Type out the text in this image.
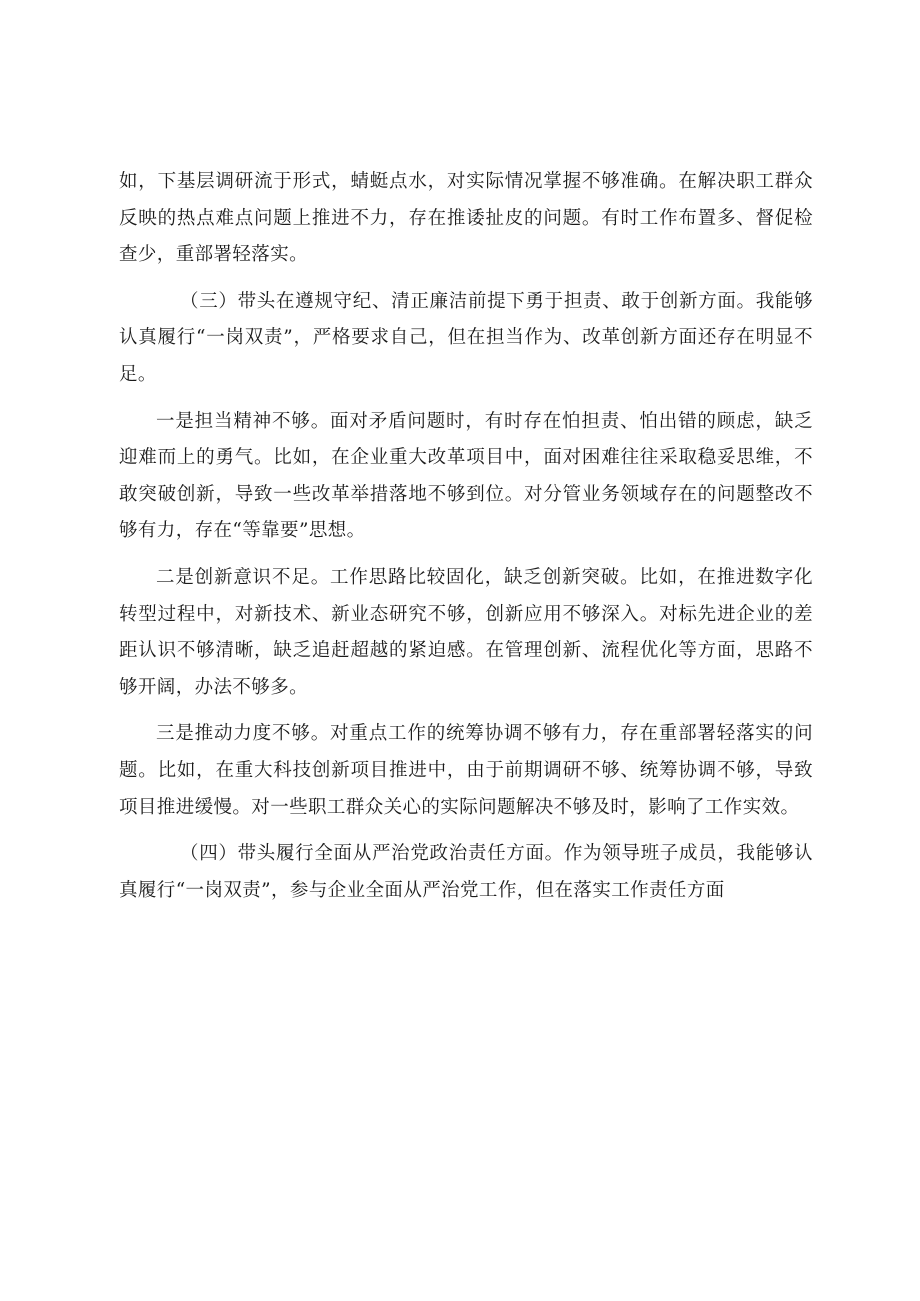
如，下基层调研流于形式，蜻蜓点水，对实际情况掌握不够准确。在解决职工群众反映的热点难点问题上推进不力，存在推诿扯皮的问题。有时工作布置多、督促检查少，重部署轻落实。

（三）带头在遵规守纪、清正廉洁前提下勇于担责、敢于创新方面。我能够认真履行“一岗双责”，严格要求自己，但在担当作为、改革创新方面还存在明显不足。

一是担当精神不够。面对矛盾问题时，有时存在怕担责、怕出错的顾虑，缺乏迎难而上的勇气。比如，在企业重大改革项目中，面对困难往往采取稳妥思维，不敢突破创新，导致一些改革举措落地不够到位。对分管业务领域存在的问题整改不够有力，存在“等靠要”思想。

二是创新意识不足。工作思路比较固化，缺乏创新突破。比如，在推进数字化转型过程中，对新技术、新业态研究不够，创新应用不够深入。对标先进企业的差距认识不够清晰，缺乏追赶超越的紧迫感。在管理创新、流程优化等方面，思路不够开阔，办法不够多。

三是推动力度不够。对重点工作的统筹协调不够有力，存在重部署轻落实的问题。比如，在重大科技创新项目推进中，由于前期调研不够、统筹协调不够，导致项目推进缓慢。对一些职工群众关心的实际问题解决不够及时，影响了工作实效。

（四）带头履行全面从严治党政治责任方面。作为领导班子成员，我能够认真履行“一岗双责”，参与企业全面从严治党工作，但在落实工作责任方面
